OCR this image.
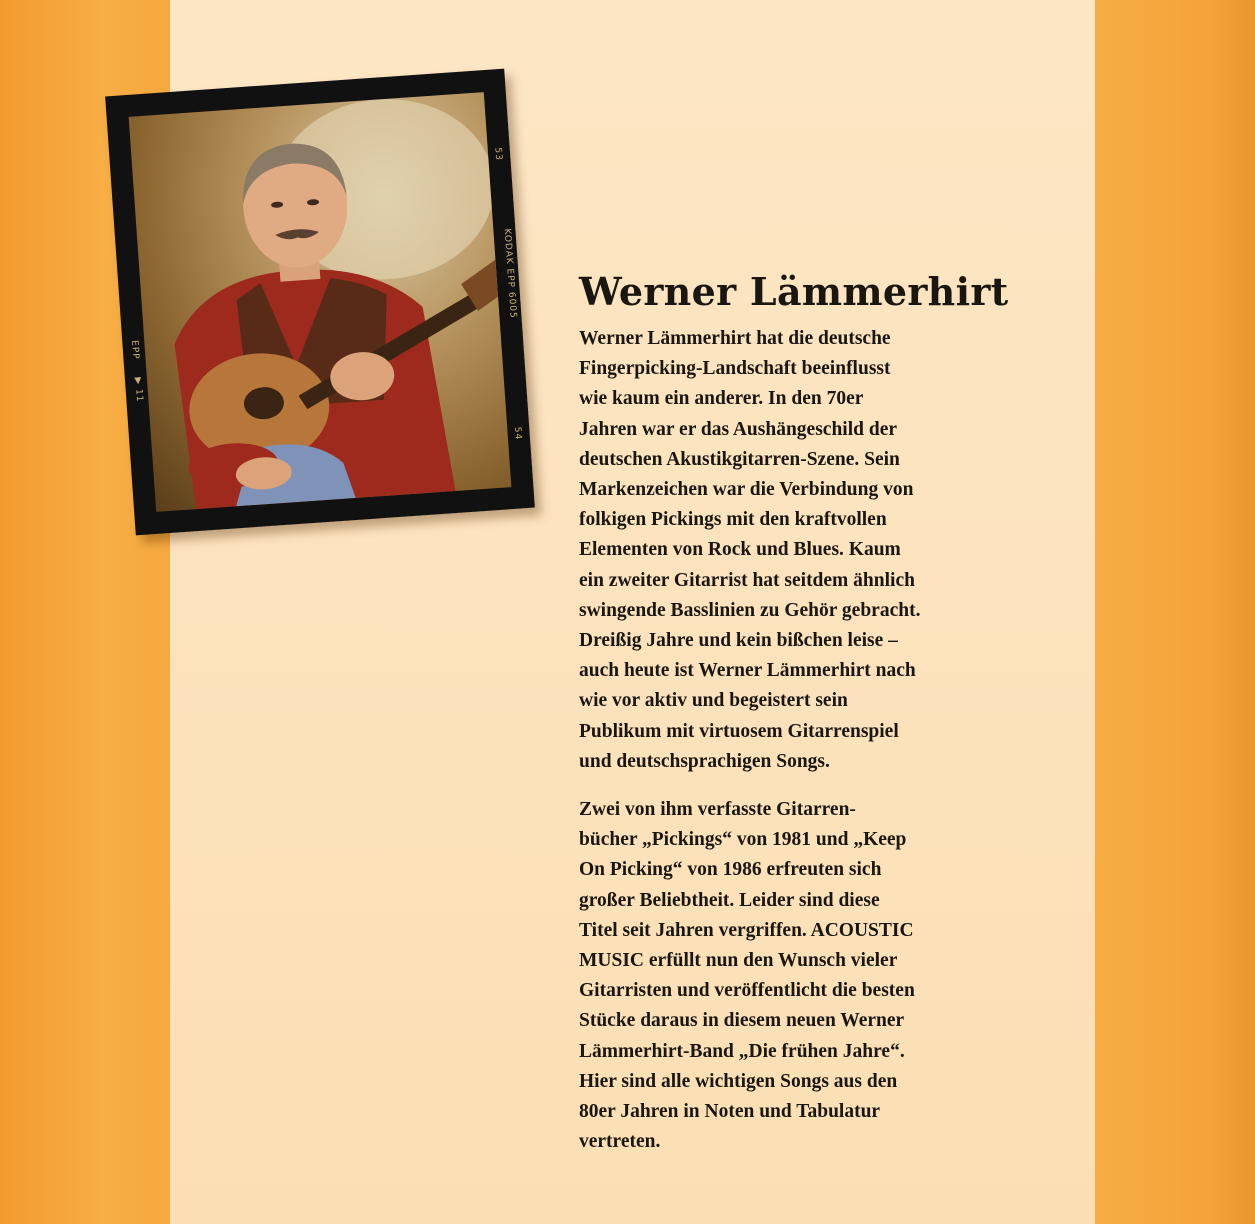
53
KODAK EPP 6005
EPP
▶ 11
54
Werner Lämmerhirt

Werner Lämmerhirt hat die deutsche
Fingerpicking-Landschaft beeinflusst
wie kaum ein anderer. In den 70er
Jahren war er das Aushängeschild der
deutschen Akustikgitarren-Szene. Sein
Markenzeichen war die Verbindung von
folkigen Pickings mit den kraftvollen
Elementen von Rock und Blues. Kaum
ein zweiter Gitarrist hat seitdem ähnlich
swingende Basslinien zu Gehör gebracht.
Dreißig Jahre und kein bißchen leise –
auch heute ist Werner Lämmerhirt nach
wie vor aktiv und begeistert sein
Publikum mit virtuosem Gitarrenspiel
und deutschsprachigen Songs.

Zwei von ihm verfasste Gitarren-
bücher „Pickings“ von 1981 und „Keep
On Picking“ von 1986 erfreuten sich
großer Beliebtheit. Leider sind diese
Titel seit Jahren vergriffen. ACOUSTIC
MUSIC erfüllt nun den Wunsch vieler
Gitarristen und veröffentlicht die besten
Stücke daraus in diesem neuen Werner
Lämmerhirt-Band „Die frühen Jahre“.
Hier sind alle wichtigen Songs aus den
80er Jahren in Noten und Tabulatur
vertreten.
